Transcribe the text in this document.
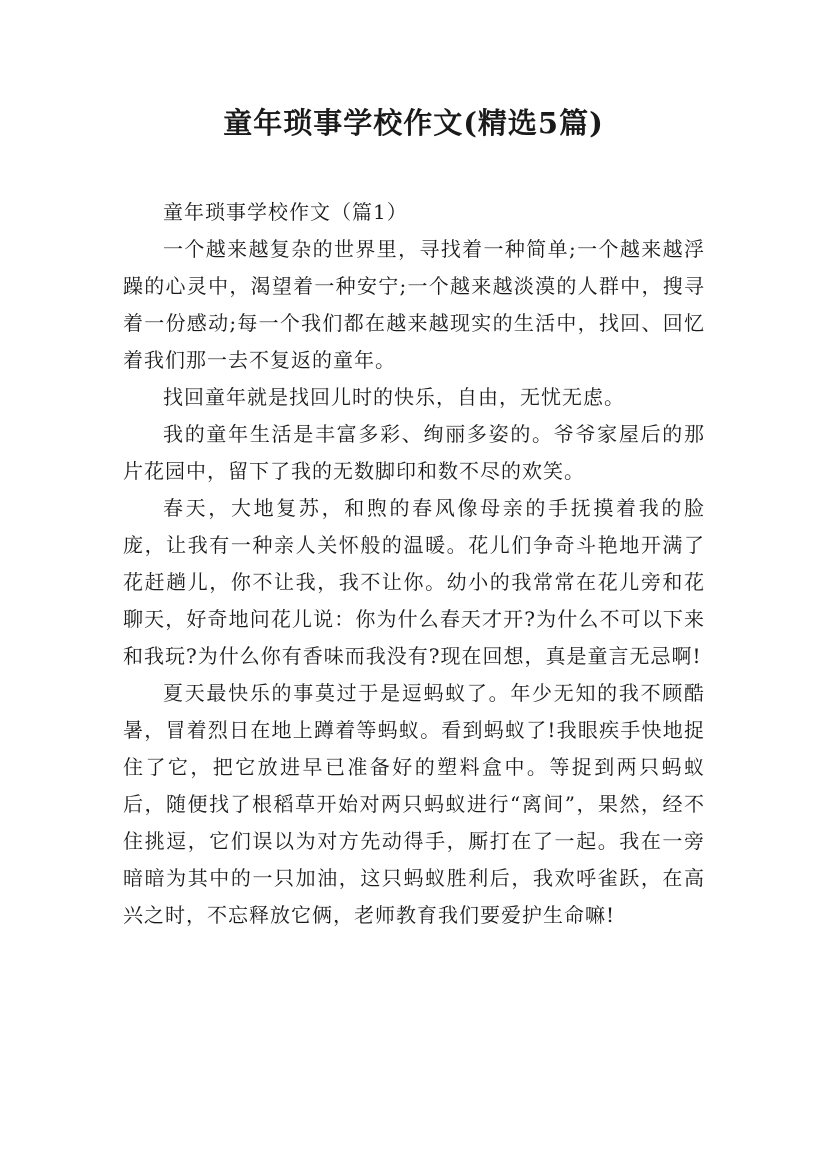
童年琐事学校作文(精选5篇)

童年琐事学校作文（篇1）

一个越来越复杂的世界里，寻找着一种简单;一个越来越浮躁的心灵中，渴望着一种安宁;一个越来越淡漠的人群中，搜寻着一份感动;每一个我们都在越来越现实的生活中，找回、回忆着我们那一去不复返的童年。

找回童年就是找回儿时的快乐，自由，无忧无虑。

我的童年生活是丰富多彩、绚丽多姿的。爷爷家屋后的那片花园中，留下了我的无数脚印和数不尽的欢笑。

春天，大地复苏，和煦的春风像母亲的手抚摸着我的脸庞，让我有一种亲人关怀般的温暖。花儿们争奇斗艳地开满了花赶趟儿，你不让我，我不让你。幼小的我常常在花儿旁和花聊天，好奇地问花儿说：你为什么春天才开?为什么不可以下来和我玩?为什么你有香味而我没有?现在回想，真是童言无忌啊!

夏天最快乐的事莫过于是逗蚂蚁了。年少无知的我不顾酷暑，冒着烈日在地上蹲着等蚂蚁。看到蚂蚁了!我眼疾手快地捉住了它，把它放进早已准备好的塑料盒中。等捉到两只蚂蚁后，随便找了根稻草开始对两只蚂蚁进行“离间”，果然，经不住挑逗，它们误以为对方先动得手，厮打在了一起。我在一旁暗暗为其中的一只加油，这只蚂蚁胜利后，我欢呼雀跃，在高兴之时，不忘释放它俩，老师教育我们要爱护生命嘛!
